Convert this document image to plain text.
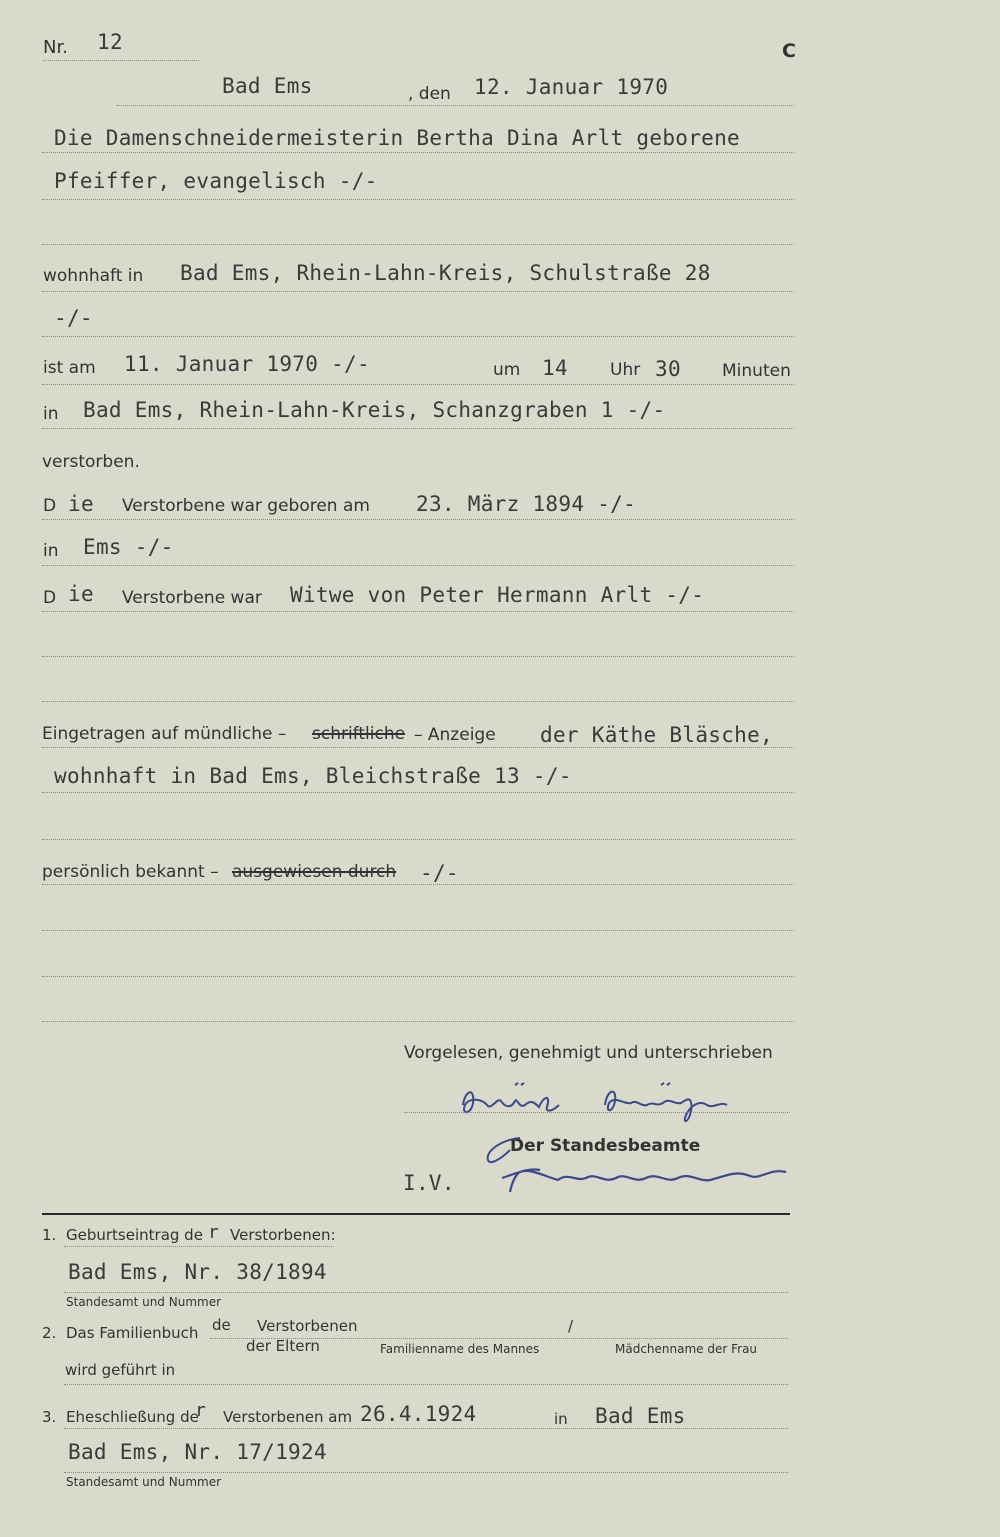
Nr. 12	C
Bad Ems	, den 12. Januar 1970
Die Damenschneidermeisterin Bertha Dina Arlt geborene
Pfeiffer, evangelisch -/-
wohnhaft in Bad Ems, Rhein-Lahn-Kreis, Schulstraße 28
-/-
ist am 11. Januar 1970 -/-	um 14 Uhr 30 Minuten
in Bad Ems, Rhein-Lahn-Kreis, Schanzgraben 1 -/-
verstorben.
D ie Verstorbene war geboren am 23. März 1894 -/-
in Ems -/-
D ie Verstorbene war Witwe von Peter Hermann Arlt -/-
Eingetragen auf mündliche – schriftliche – Anzeige der Käthe Bläsche,
wohnhaft in Bad Ems, Bleichstraße 13 -/-
persönlich bekannt – ausgewiesen durch -/-
Vorgelesen, genehmigt und unterschrieben
Der Standesbeamte
I.V.
1. Geburtseintrag de r Verstorbenen:
Bad Ems, Nr. 38/1894
Standesamt und Nummer
2. Das Familienbuch de Verstorbenen	/
der Eltern	Familienname des Mannes	Mädchenname der Frau
wird geführt in
3. Eheschließung de
r Verstorbenen am 26.4.1924	in Bad Ems
Bad Ems, Nr. 17/1924
Standesamt und Nummer
